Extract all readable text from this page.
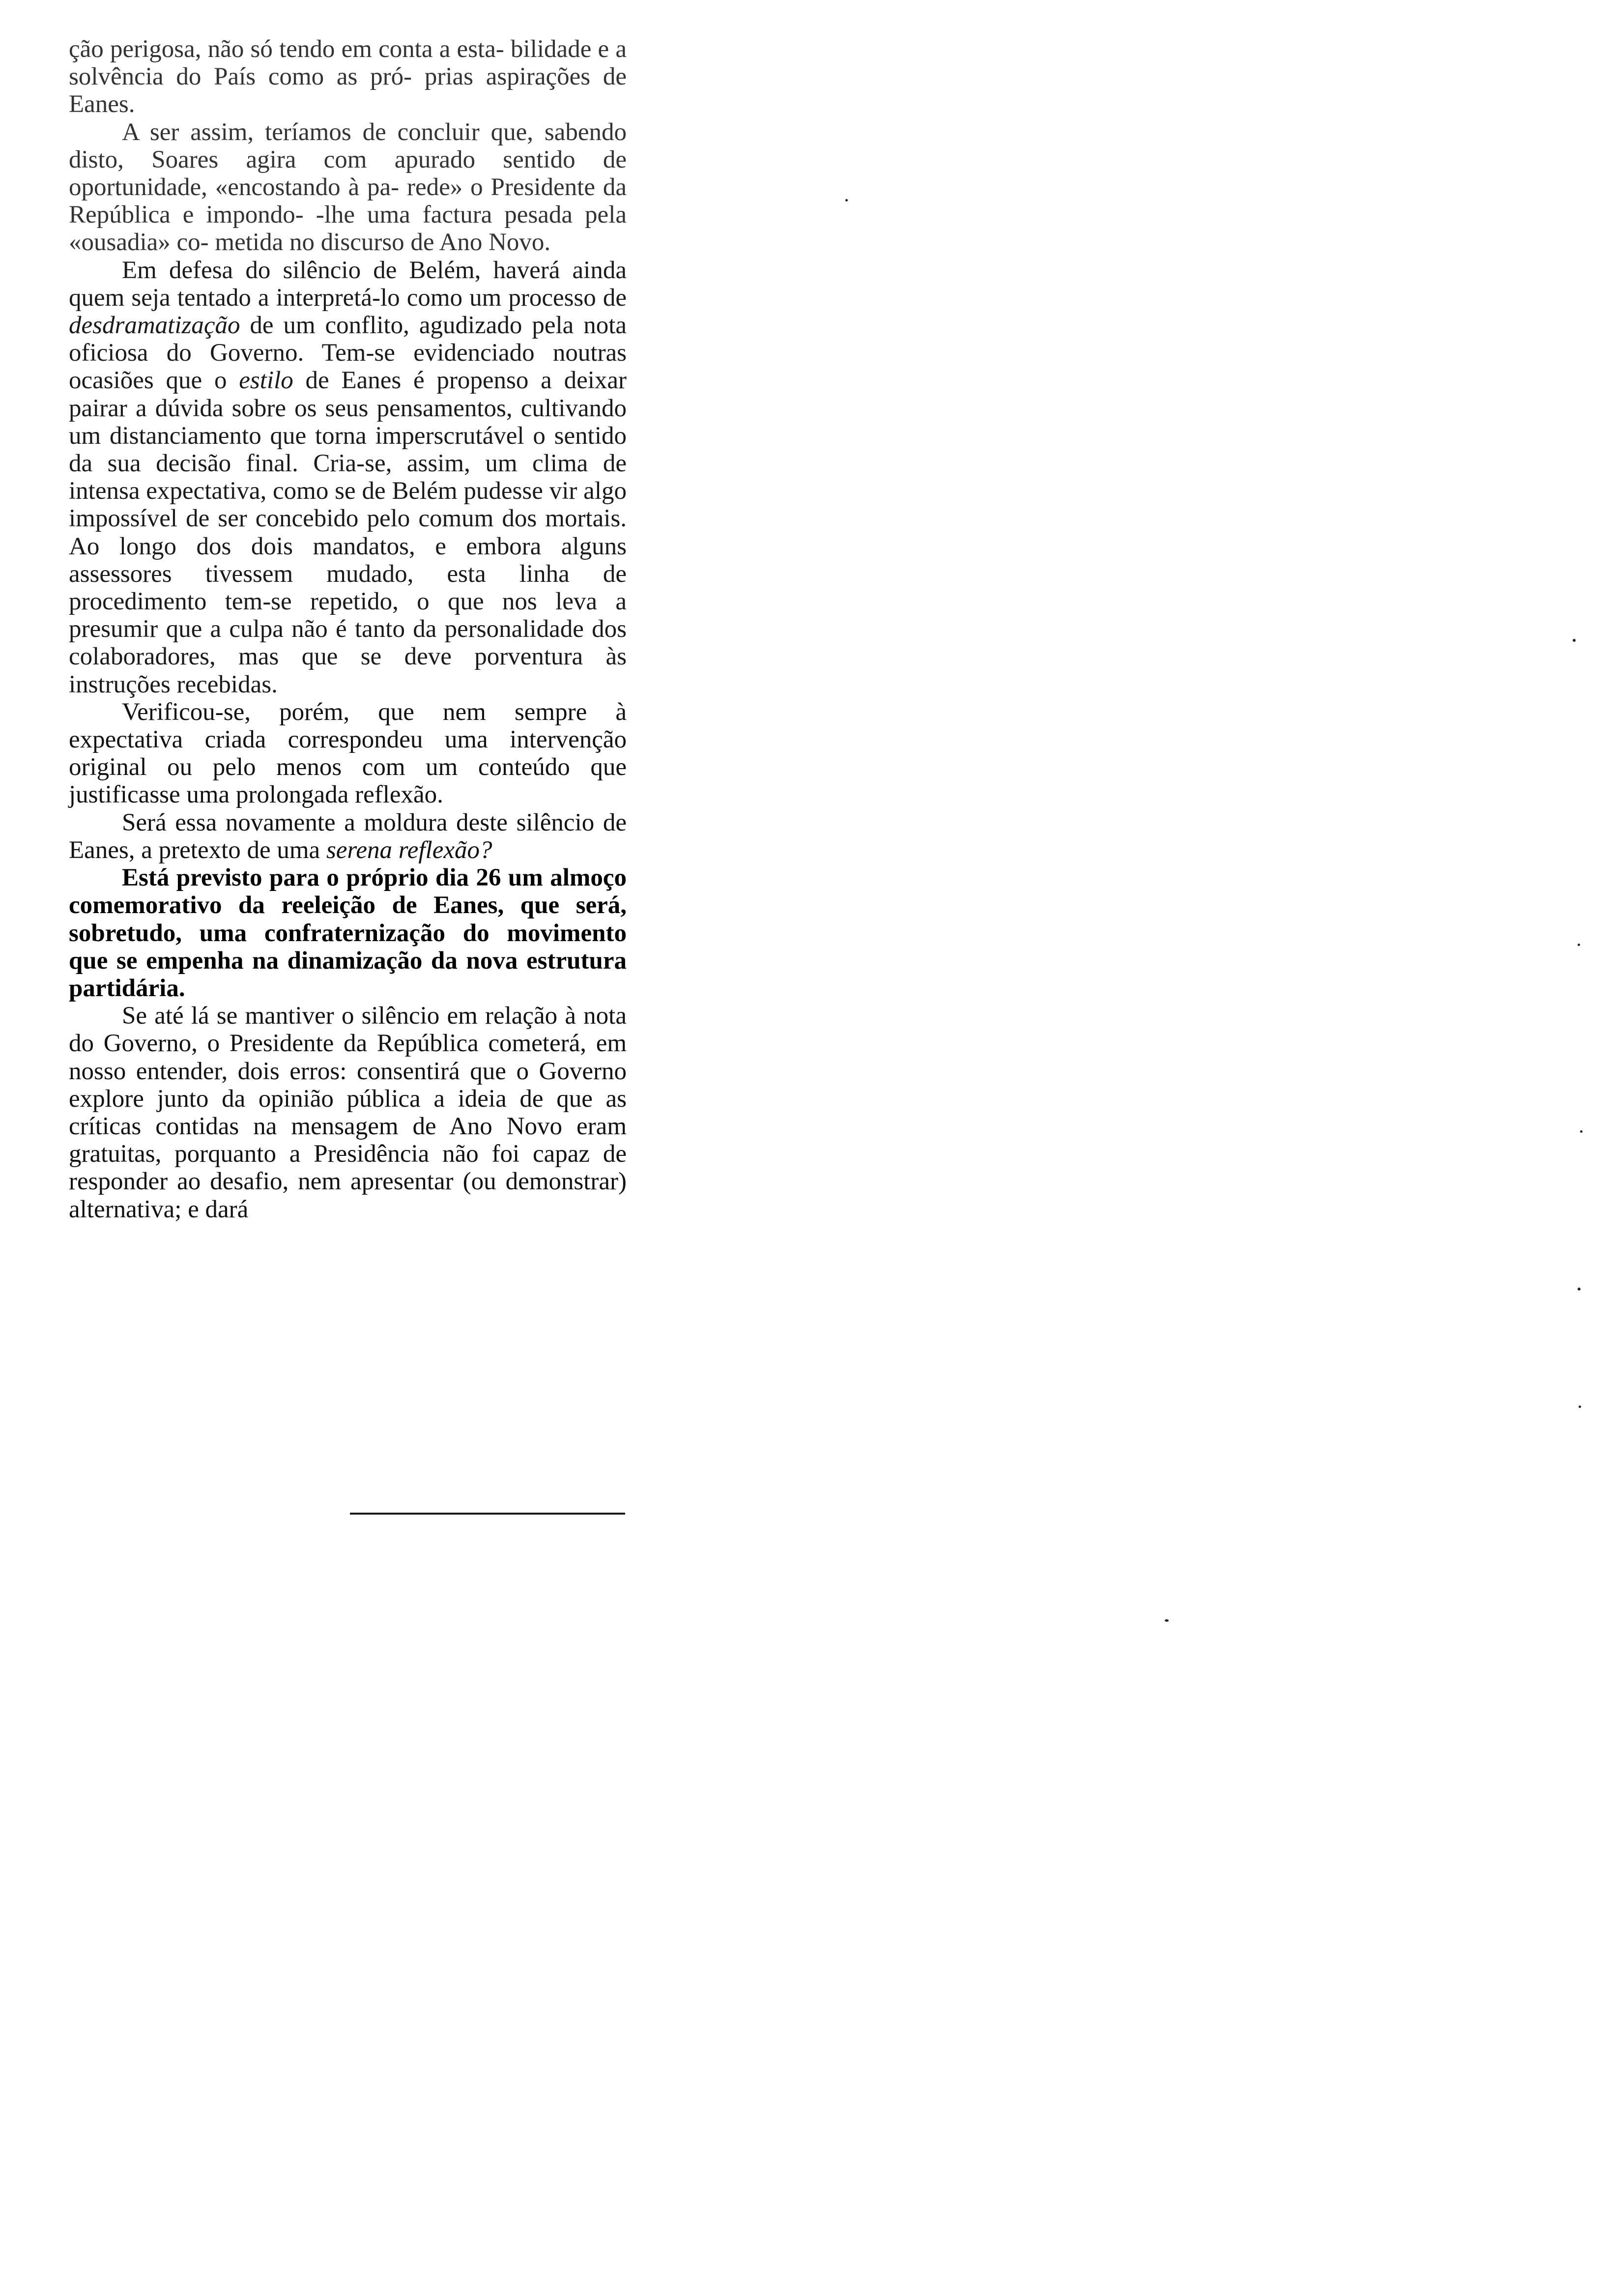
ção perigosa, não só tendo em conta a esta- bilidade e a solvência do País como as pró- prias aspirações de Eanes.

A ser assim, teríamos de concluir que, sabendo disto, Soares agira com apurado sentido de oportunidade, «encostando à pa- rede» o Presidente da República e impondo- -lhe uma factura pesada pela «ousadia» co- metida no discurso de Ano Novo.

Em defesa do silêncio de Belém, haverá ainda quem seja tentado a interpretá-lo como um processo de desdramatização de um conflito, agudizado pela nota oficiosa do Governo. Tem-se evidenciado noutras ocasiões que o estilo de Eanes é propenso a deixar pairar a dúvida sobre os seus pensamentos, cultivando um distanciamento que torna imperscrutável o sentido da sua decisão final. Cria-se, assim, um clima de intensa expectativa, como se de Belém pudesse vir algo impossível de ser concebido pelo comum dos mortais. Ao longo dos dois mandatos, e embora alguns assessores tivessem mudado, esta linha de procedimento tem-se repetido, o que nos leva a presumir que a culpa não é tanto da personalidade dos colaboradores, mas que se deve porventura às instruções recebidas.

Verificou-se, porém, que nem sempre à expectativa criada correspondeu uma intervenção original ou pelo menos com um conteúdo que justificasse uma prolongada reflexão.

Será essa novamente a moldura deste silêncio de Eanes, a pretexto de uma serena reflexão?

Está previsto para o próprio dia 26 um almoço comemorativo da reeleição de Eanes, que será, sobretudo, uma confraternização do movimento que se empenha na dinamização da nova estrutura partidária.

Se até lá se mantiver o silêncio em relação à nota do Governo, o Presidente da República cometerá, em nosso entender, dois erros: consentirá que o Governo explore junto da opinião pública a ideia de que as críticas contidas na mensagem de Ano Novo eram gratuitas, porquanto a Presidência não foi capaz de responder ao desafio, nem apresentar (ou demonstrar) alternativa; e dará
